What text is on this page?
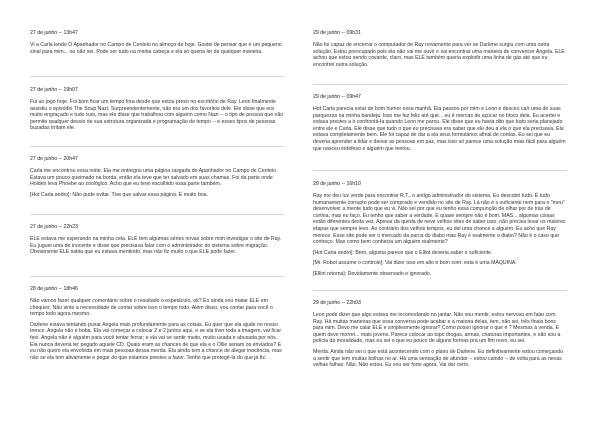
27 de junho -- 13h47

Vi a Carla lendo O Apanhador no Campo de Centeio no almoço de hoje. Gostei de pensar que é um pequeno sinal para mim... ou não sei. Pode ser tudo na minha cabeça e ela só queria ler de qualquer maneira.

27 de junho -- 19h07

Fui ao jogo hoje. Foi bom ficar um tempo fora desde que estou preso no escritório de Ray. Leon finalmente assistiu o episódio The Soup Nazi. Surpreendentemente, não era um dos favoritos dele. Ele disse que era muito engraçado e tudo isso, mas ele disse que trabalhou com alguém como Nazi -- o tipo de pessoa que não permite qualquer desvio de sua estrutura organizada e programação de tempo -- e esses tipos de pessoas buzadas irritam ele.

27 de junho -- 20h47

Carla me encontrou essa noite. Ela me entregou uma página rasgada do Apanhador no Campo de Centeio. Estava um pouco queimado na borda, então ela teve que ter salvado em suas chamas. Foi da parte onde Holden leva Phoebe ao zoológico. Acho que eu terei escolhido essa parte também.

[Hot Carla andro]: Não pude evitar. Tive que salvar essa página. É muito boa.

27 de junho -- 22h23

ELE estava me esperando na minha cela. ELE tem algumas séries novas sobre mim investigar o site de Ray. Eu juguei uma de inocente e disse que precisava falar com o administrador do sistema sobre migração. Obviamente ELE sabia que eu estava mentindo, mas não fiz muito o que ELE pode fazer.

28 de junho -- 18h46

Não vamos fazer qualquer comentário sobre o resultado o espetáculo, ok? Eu ainda vou matar ELE em cheques. Não sinto a necessidade de contar sobre isso o tempo todo. Além disso, vou contar para você o tempo todo agora mesmo.

Darlene estava tentando puxar Angela mais profundamente para as coisas. Eu quer que ela ajude no nosso trenco. Angela não é boba. Ela vai começar a colocar 2 e 2 juntos aqui, e se ela tiver toda a imagem, vai ficar feio. Angela não é alguém para você tentar ferrar; e ela vai se sentir muito, muito usada e abusada por nós. Ela nunca deveria ter pegado aquele CD. Quais eram as chances de que ela e o Ollie seriam os enviados? E eu não quero ela envolvida em mais pessoas dessa merda. Ela ainda tem a chance de alegar inocência, mas não se ela tem ativamente e pegar do que estamos prestes a fazer. Tenho que protegê-la do que já fiz.

29 de junho -- 09h31

Não fui capaz de encerrar o computador de Ray novamente para ver se Darlene surgiu com uma outra solução. Estou preocupado pois ela não vai me ouvir e vai encontrar uma maneira de convencer Angela. ELE achou que estou sendo covarde, claro, mas ELE também queria explodir uma linha de gás até que eu encontrei outra solução.

29 de junho -- 09h47

Hot Carla parecia estar de bom humor essa manhã. Ela passou por mim e Leon e desceu caír uma de suas parquezas na minha bandeja. Isso me fez feliz até que... eu é mercas de açúcar no bloco dela. Eu acertei e estava prestes a ir confrontá-la quando Leon me parou. Ele disse que eu havia dito que tudo seria planejado entre ele e Carla. Ele disse que tudo o que eu precisava era saber que ele deu a ela o que ela precisava. Ela estava completamente bem. Ele foi capaz de dar a ela seus formulários afinal de contas. Eu sei que eu deveria aprender a lidar e deixar as pessoas em paz, mas isso só parece uma solução mais fácil para alguém que nasceu indefeso e alguém que tentou.

29 de junho -- 16h10

Ray me deu luz verde para encontrar R.T., o antigo administrador do sistema. Eu descobri tudo. É tudo humanamente corrupto pode ser comprado e vendido no site de Ray. Lá não é o suficiente nem para o "meu" desenvolver a mente tudo que eu vi. Não sei por que eu tenho essa compunção de olhar por de trás de cortina, mas eu faço. Eu tenho que saber a verdade. E quase sempre não é bom. MAS... algumas coisas estão diferentes desta vez. Apesar da queda de neve velhos sites de saber isso, não precisa levar os maiores etapas que sempre levo. Ao contrário dos velhos tempos, eu dei uma chance a alguém. Eu acho que Ray merece. Esse site pode ser o mercado da parca do diabo mas Ray é realmente o diabo? Não é o caso que conheço. Mas como bem conhecia um alguém realmente?

[Hot Carla andro]: Bem, alguma parece que o Elliot deveria saber o suficiente.

[Mr. Robot assume o controle]: Vai dizer isso em alto e bom som: esta é uma MÁQUINA.

[Elliot retoma]: Devidamente observado e ignorado.

29 de junho -- 22h03

Leon pode dizer que algo estava me incomodando no jantar. Não vou mentir, estou nervoso em falar com Ray. Há muitas maneiras que essa conversa pode acabar e a maioria delas, tem, não sei, três finais bons para mim. Devo me calar ELE e simplesmente ignorar? Como posso ignorar o que é ? Mesmas à venda. E quem deve morrer... mais jovens. Parece colocar ao topo drogas, armas, criaturas importantes, e não sou a polícia da moralidade, mas eu sei o que eu pouco de alguns formas pra um fim novo, eu sei.

Merda. Ainda não sei o que está acontecendo com o plano de Darlene. Eu definitivamente estou começando a sentir que tem muitas bolhas no ar. Há uma sensação de afundar -- estou caindo -- de volta para as nevas velhas falhas. Não. Não estou. Eu vou ser forte agora. Vai dar certo.
